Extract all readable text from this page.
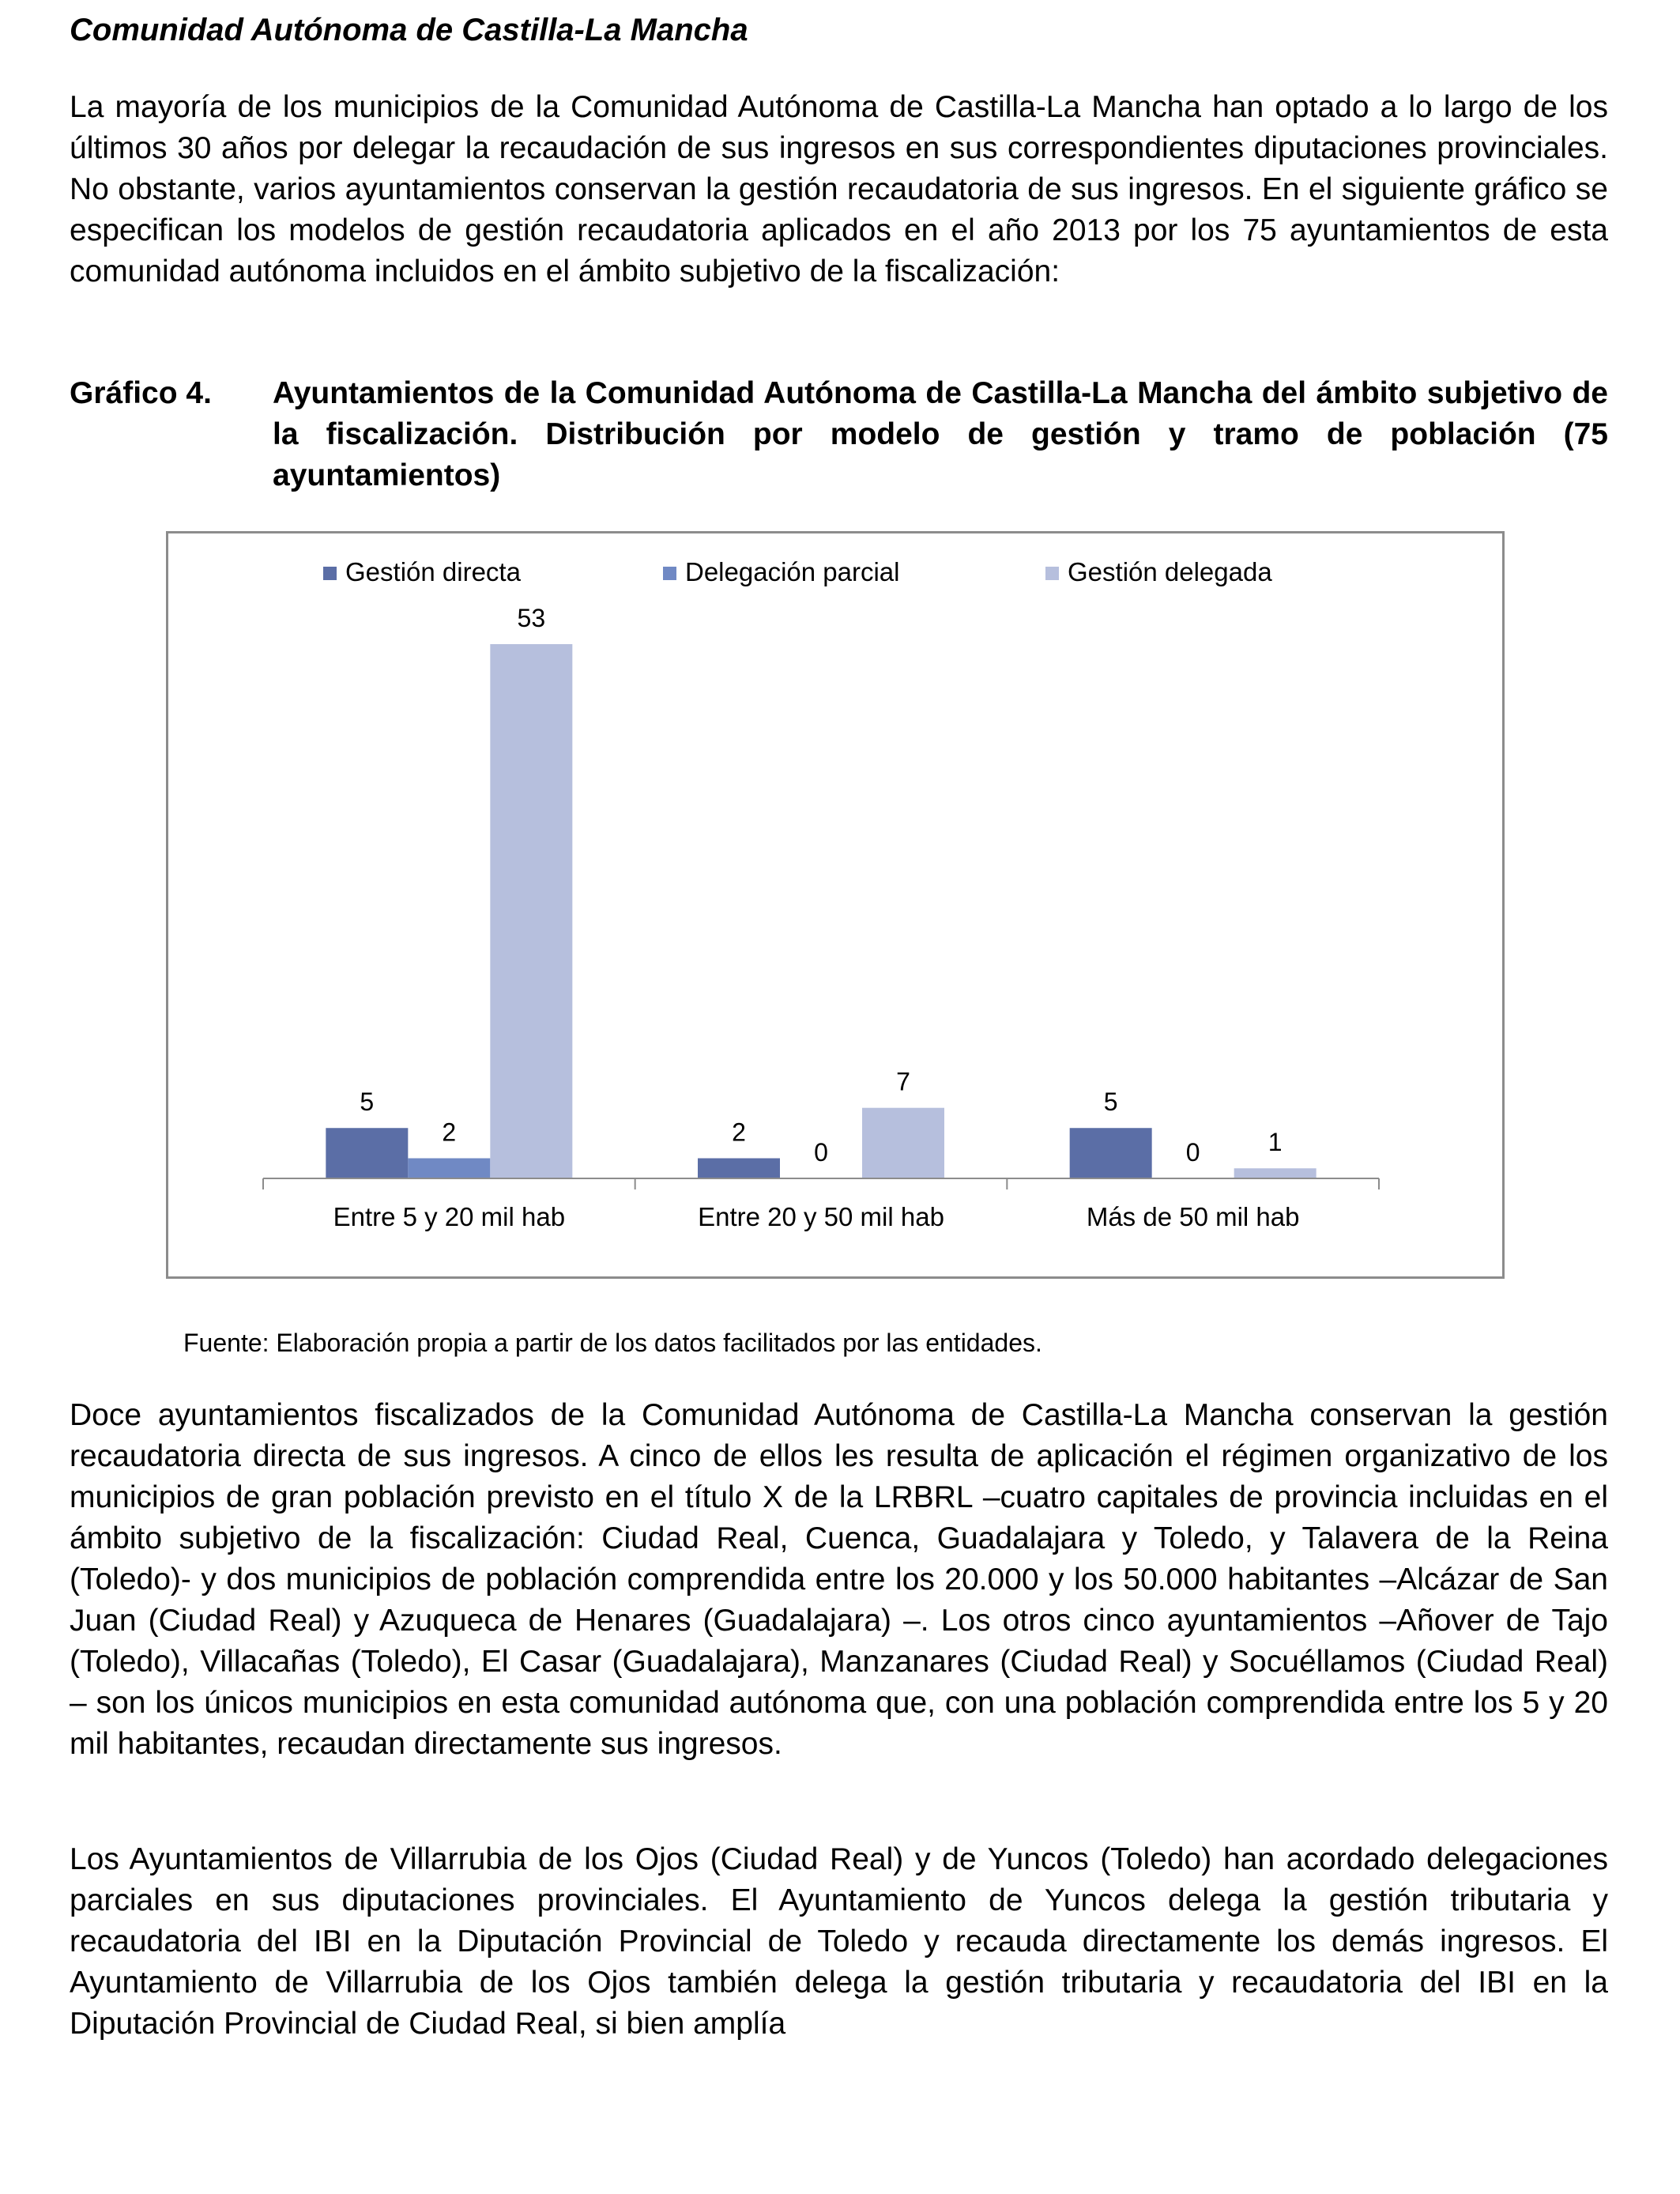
Comunidad Autónoma de Castilla-La Mancha

La mayoría de los municipios de la Comunidad Autónoma de Castilla-La Mancha han optado a lo largo de los últimos 30 años por delegar la recaudación de sus ingresos en sus correspondientes diputaciones provinciales. No obstante, varios ayuntamientos conservan la gestión recaudatoria de sus ingresos. En el siguiente gráfico se especifican los modelos de gestión recaudatoria aplicados en el año 2013 por los 75 ayuntamientos de esta comunidad autónoma incluidos en el ámbito subjetivo de la fiscalización:

Gráfico 4. Ayuntamientos de la Comunidad Autónoma de Castilla-La Mancha del ámbito subjetivo de la fiscalización. Distribución por modelo de gestión y tramo de población (75 ayuntamientos)

Gestión directa	Delegación parcial	Gestión delegada
5
2
53
Entre 5 y 20 mil hab
2
0
7
Entre 20 y 50 mil hab
5
0	1
Más de 50 mil hab
Fuente: Elaboración propia a partir de los datos facilitados por las entidades.

Doce ayuntamientos fiscalizados de la Comunidad Autónoma de Castilla-La Mancha conservan la gestión recaudatoria directa de sus ingresos. A cinco de ellos les resulta de aplicación el régimen organizativo de los municipios de gran población previsto en el título X de la LRBRL –cuatro capitales de provincia incluidas en el ámbito subjetivo de la fiscalización: Ciudad Real, Cuenca, Guadalajara y Toledo, y Talavera de la Reina (Toledo)- y dos municipios de población comprendida entre los 20.000 y los 50.000 habitantes –Alcázar de San Juan (Ciudad Real) y Azuqueca de Henares (Guadalajara) –. Los otros cinco ayuntamientos –Añover de Tajo (Toledo), Villacañas (Toledo), El Casar (Guadalajara), Manzanares (Ciudad Real) y Socuéllamos (Ciudad Real) – son los únicos municipios en esta comunidad autónoma que, con una población comprendida entre los 5 y 20 mil habitantes, recaudan directamente sus ingresos.

Los Ayuntamientos de Villarrubia de los Ojos (Ciudad Real) y de Yuncos (Toledo) han acordado delegaciones parciales en sus diputaciones provinciales. El Ayuntamiento de Yuncos delega la gestión tributaria y recaudatoria del IBI en la Diputación Provincial de Toledo y recauda directamente los demás ingresos. El Ayuntamiento de Villarrubia de los Ojos también delega la gestión tributaria y recaudatoria del IBI en la Diputación Provincial de Ciudad Real, si bien amplía
